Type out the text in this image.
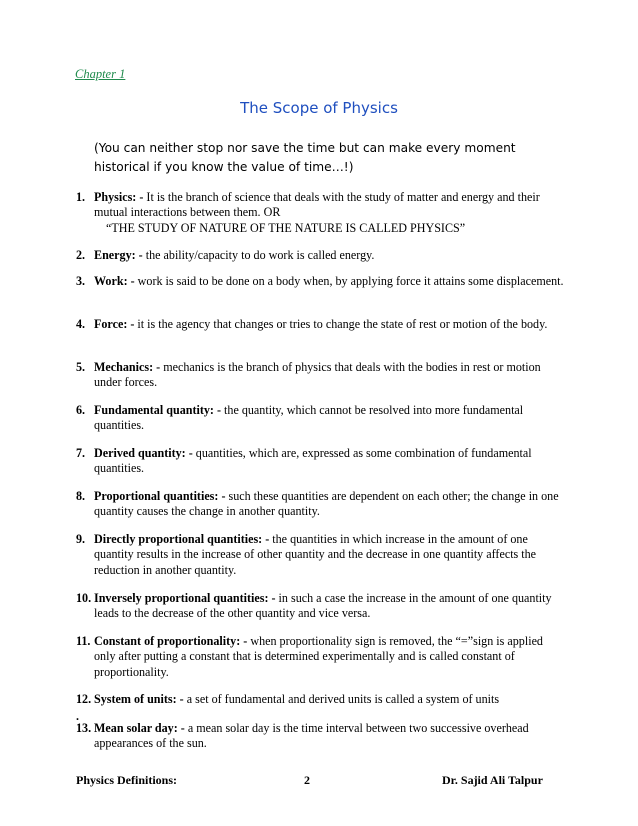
Chapter 1
The Scope of Physics
(You can neither stop nor save the time but can make every moment historical if you know the value of time…!)
1. Physics: - It is the branch of science that deals with the study of matter and energy and their mutual interactions between them. OR
“THE STUDY OF NATURE OF THE NATURE IS CALLED PHYSICS”
2. Energy: - the ability/capacity to do work is called energy.
3. Work: - work is said to be done on a body when, by applying force it attains some displacement.
4. Force: - it is the agency that changes or tries to change the state of rest or motion of the body.
5. Mechanics: - mechanics is the branch of physics that deals with the bodies in rest or motion under forces.
6. Fundamental quantity: - the quantity, which cannot be resolved into more fundamental quantities.
7. Derived quantity: - quantities, which are, expressed as some combination of fundamental quantities.
8. Proportional quantities: - such these quantities are dependent on each other; the change in one quantity causes the change in another quantity.
9. Directly proportional quantities: - the quantities in which increase in the amount of one quantity results in the increase of other quantity and the decrease in one quantity affects the reduction in another quantity.
10. Inversely proportional quantities: - in such a case the increase in the amount of one quantity leads to the decrease of the other quantity and vice versa.
11. Constant of proportionality: - when proportionality sign is removed, the “=”sign is applied only after putting a constant that is determined experimentally and is called constant of proportionality.
12. System of units: - a set of fundamental and derived units is called a system of units
.
13. Mean solar day: - a mean solar day is the time interval between two successive overhead appearances of the sun.
Physics Definitions:	2	Dr. Sajid Ali Talpur
